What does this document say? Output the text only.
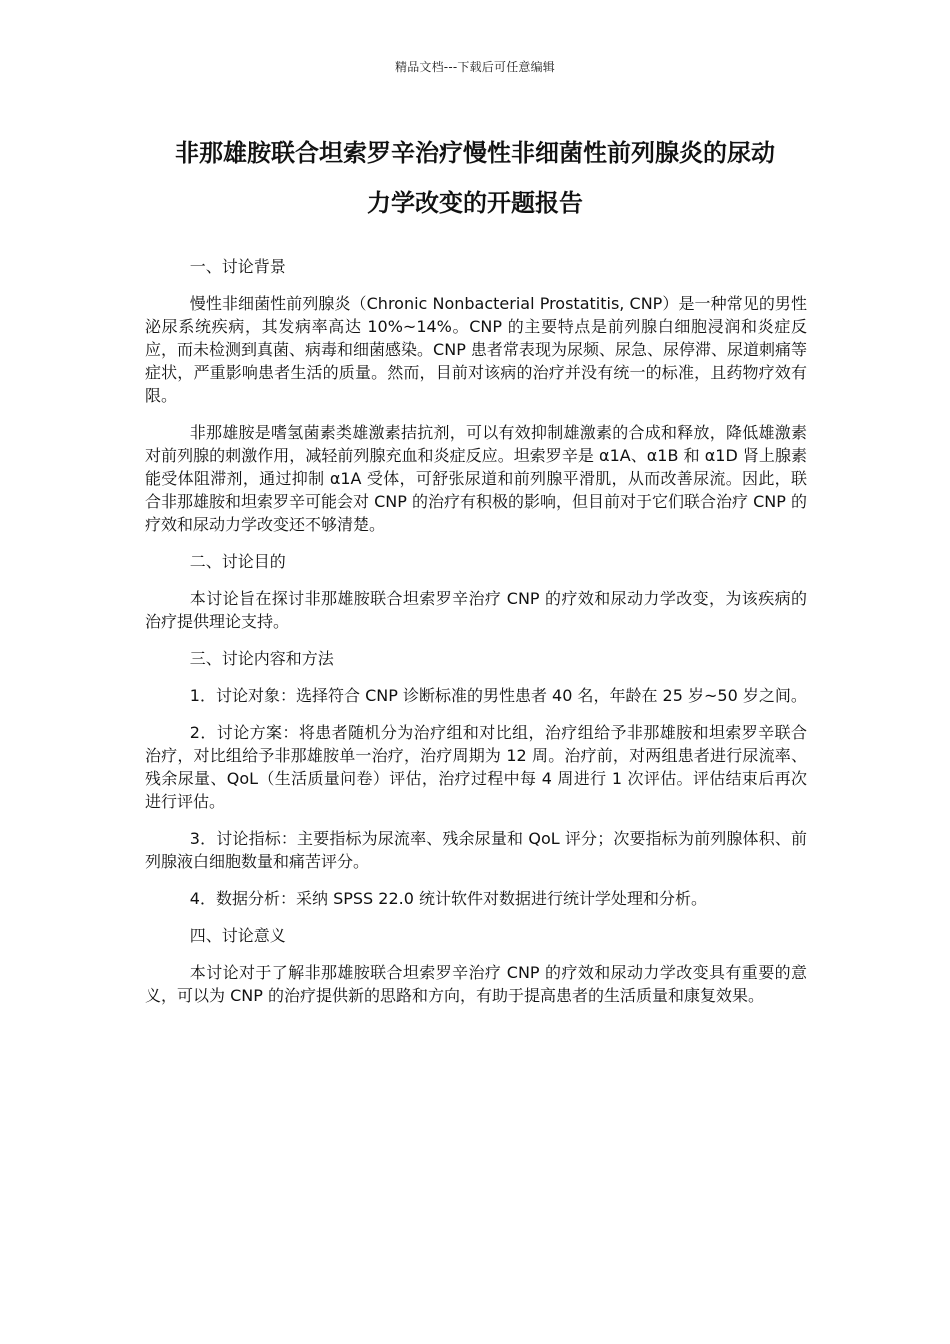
精品文档---下载后可任意编辑
非那雄胺联合坦索罗辛治疗慢性非细菌性前列腺炎的尿动
力学改变的开题报告

一、讨论背景

慢性非细菌性前列腺炎（Chronic Nonbacterial Prostatitis, CNP）是一种常见的男性泌尿系统疾病，其发病率高达 10%~14%。CNP 的主要特点是前列腺白细胞浸润和炎症反应，而未检测到真菌、病毒和细菌感染。CNP 患者常表现为尿频、尿急、尿停滞、尿道刺痛等症状，严重影响患者生活的质量。然而，目前对该病的治疗并没有统一的标准，且药物疗效有限。

非那雄胺是嗜氢菌素类雄激素拮抗剂，可以有效抑制雄激素的合成和释放，降低雄激素对前列腺的刺激作用，减轻前列腺充血和炎症反应。坦索罗辛是 α1A、α1B 和 α1D 肾上腺素能受体阻滞剂，通过抑制 α1A 受体，可舒张尿道和前列腺平滑肌，从而改善尿流。因此，联合非那雄胺和坦索罗辛可能会对 CNP 的治疗有积极的影响，但目前对于它们联合治疗 CNP 的疗效和尿动力学改变还不够清楚。

二、讨论目的

本讨论旨在探讨非那雄胺联合坦索罗辛治疗 CNP 的疗效和尿动力学改变，为该疾病的治疗提供理论支持。

三、讨论内容和方法

1．讨论对象：选择符合 CNP 诊断标准的男性患者 40 名，年龄在 25 岁~50 岁之间。

2．讨论方案：将患者随机分为治疗组和对比组，治疗组给予非那雄胺和坦索罗辛联合治疗，对比组给予非那雄胺单一治疗，治疗周期为 12 周。治疗前，对两组患者进行尿流率、残余尿量、QoL（生活质量问卷）评估，治疗过程中每 4 周进行 1 次评估。评估结束后再次进行评估。

3．讨论指标：主要指标为尿流率、残余尿量和 QoL 评分；次要指标为前列腺体积、前列腺液白细胞数量和痛苦评分。

4．数据分析：采纳 SPSS 22.0 统计软件对数据进行统计学处理和分析。

四、讨论意义

本讨论对于了解非那雄胺联合坦索罗辛治疗 CNP 的疗效和尿动力学改变具有重要的意义，可以为 CNP 的治疗提供新的思路和方向，有助于提高患者的生活质量和康复效果。
